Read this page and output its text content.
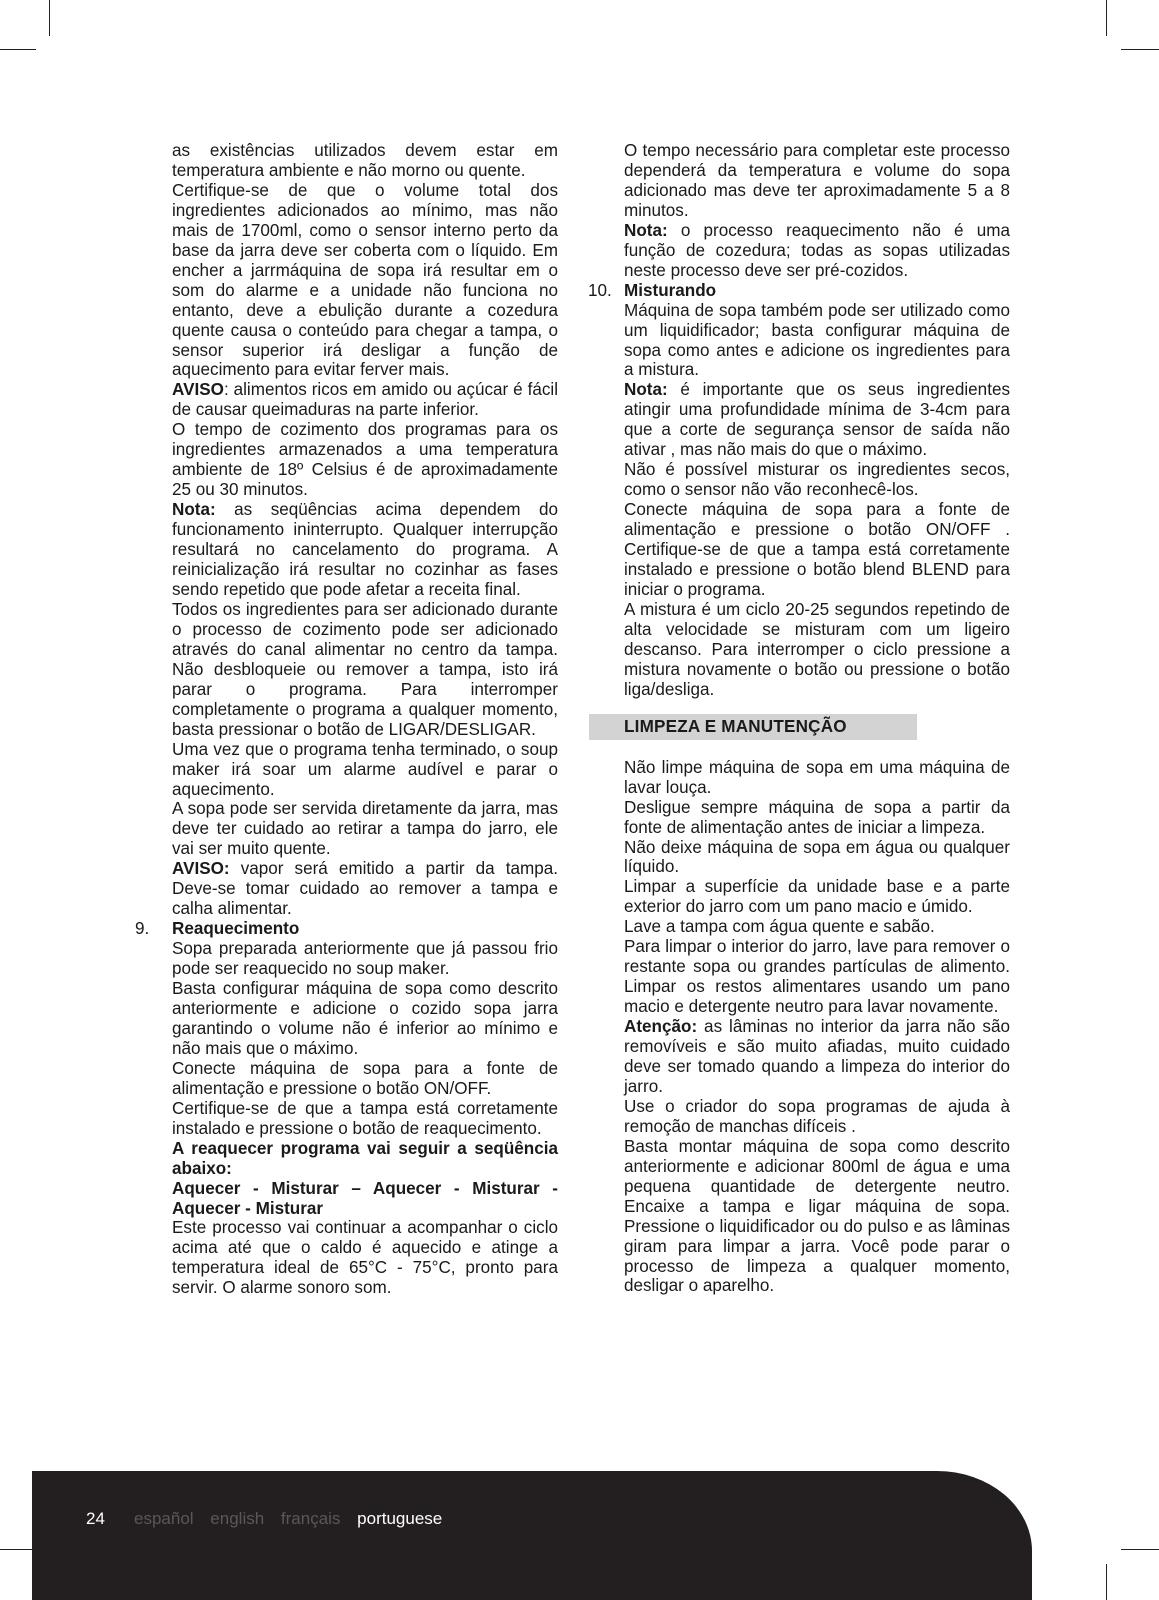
as existências utilizados devem estar em temperatura ambiente e não morno ou quente.

Certifique-se de que o volume total dos ingredientes adicionados ao mínimo, mas não mais de 1700ml, como o sensor interno perto da base da jarra deve ser coberta com o líquido. Em encher a jarrmáquina de sopa irá resultar em o som do alarme e a unidade não funciona no entanto, deve a ebulição durante a cozedura quente causa o conteúdo para chegar a tampa, o sensor superior irá desligar a função de aquecimento para evitar ferver mais.

AVISO: alimentos ricos em amido ou açúcar é fácil de causar queimaduras na parte inferior.

O tempo de cozimento dos programas para os ingredientes armazenados a uma temperatura ambiente de 18º Celsius é de aproximadamente 25 ou 30 minutos.

Nota: as seqüências acima dependem do funcionamento ininterrupto. Qualquer interrupção resultará no cancelamento do programa. A reinicialização irá resultar no cozinhar as fases sendo repetido que pode afetar a receita final.

Todos os ingredientes para ser adicionado durante o processo de cozimento pode ser adicionado através do canal alimentar no centro da tampa. Não desbloqueie ou remover a tampa, isto irá parar o programa. Para interromper completamente o programa a qualquer momento, basta pressionar o botão de LIGAR/DESLIGAR.

Uma vez que o programa tenha terminado, o soup maker irá soar um alarme audível e parar o aquecimento.

A sopa pode ser servida diretamente da jarra, mas deve ter cuidado ao retirar a tampa do jarro, ele vai ser muito quente.

AVISO: vapor será emitido a partir da tampa. Deve-se tomar cuidado ao remover a tampa e calha alimentar.

9. Reaquecimento

Sopa preparada anteriormente que já passou frio pode ser reaquecido no soup maker.

Basta configurar máquina de sopa como descrito anteriormente e adicione o cozido sopa jarra garantindo o volume não é inferior ao mínimo e não mais que o máximo.

Conecte máquina de sopa para a fonte de alimentação e pressione o botão ON/OFF.

Certifique-se de que a tampa está corretamente instalado e pressione o botão de reaquecimento.

A reaquecer programa vai seguir a seqüência abaixo:

Aquecer - Misturar – Aquecer - Misturar - Aquecer - Misturar

Este processo vai continuar a acompanhar o ciclo acima até que o caldo é aquecido e atinge a temperatura ideal de 65°C - 75°C, pronto para servir. O alarme sonoro som.

O tempo necessário para completar este processo dependerá da temperatura e volume do sopa adicionado mas deve ter aproximadamente 5 a 8 minutos.

Nota: o processo reaquecimento não é uma função de cozedura; todas as sopas utilizadas neste processo deve ser pré-cozidos.

10. Misturando

Máquina de sopa também pode ser utilizado como um liquidificador; basta configurar máquina de sopa como antes e adicione os ingredientes para a mistura.

Nota: é importante que os seus ingredientes atingir uma profundidade mínima de 3-4cm para que a corte de segurança sensor de saída não ativar , mas não mais do que o máximo.

Não é possível misturar os ingredientes secos, como o sensor não vão reconhecê-los.

Conecte máquina de sopa para a fonte de alimentação e pressione o botão ON/OFF . Certifique-se de que a tampa está corretamente instalado e pressione o botão blend BLEND para iniciar o programa.

A mistura é um ciclo 20-25 segundos repetindo de alta velocidade se misturam com um ligeiro descanso. Para interromper o ciclo pressione a mistura novamente o botão ou pressione o botão liga/desliga.

LIMPEZA E MANUTENÇÃO

Não limpe máquina de sopa em uma máquina de lavar louça.

Desligue sempre máquina de sopa a partir da fonte de alimentação antes de iniciar a limpeza.

Não deixe máquina de sopa em água ou qualquer líquido.

Limpar a superfície da unidade base e a parte exterior do jarro com um pano macio e úmido.

Lave a tampa com água quente e sabão.

Para limpar o interior do jarro, lave para remover o restante sopa ou grandes partículas de alimento. Limpar os restos alimentares usando um pano macio e detergente neutro para lavar novamente.

Atenção: as lâminas no interior da jarra não são removíveis e são muito afiadas, muito cuidado deve ser tomado quando a limpeza do interior do jarro.

Use o criador do sopa programas de ajuda à remoção de manchas difíceis .

Basta montar máquina de sopa como descrito anteriormente e adicionar 800ml de água e uma pequena quantidade de detergente neutro. Encaixe a tampa e ligar máquina de sopa. Pressione o liquidificador ou do pulso e as lâminas giram para limpar a jarra. Você pode parar o processo de limpeza a qualquer momento, desligar o aparelho.

24 español english français portuguese
